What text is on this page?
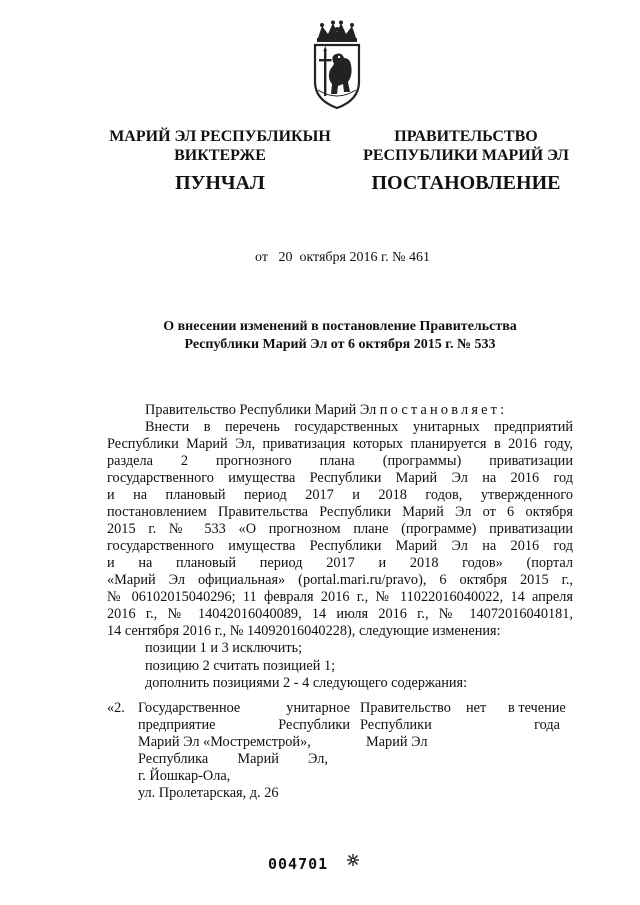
МАРИЙ ЭЛ РЕСПУБЛИКЫН
ВИКТЕРЖЕ
ПРАВИТЕЛЬСТВО
РЕСПУБЛИКИ МАРИЙ ЭЛ
ПУНЧАЛ	ПОСТАНОВЛЕНИЕ
от 20 октября 2016 г. № 461
О внесении изменений в постановление Правительства
Республики Марий Эл от 6 октября 2015 г. № 533
Правительство Республики Марий Эл постановляет:
Внести в перечень государственных унитарных предприятий
Республики Марий Эл, приватизация которых планируется в 2016 году,
раздела 2 прогнозного плана (программы) приватизации
государственного имущества Республики Марий Эл на 2016 год
и на плановый период 2017 и 2018 годов, утвержденного
постановлением Правительства Республики Марий Эл от 6 октября
2015 г. № 533 «О прогнозном плане (программе) приватизации
государственного имущества Республики Марий Эл на 2016 год
и на плановый период 2017 и 2018 годов» (портал
«Марий Эл официальная» (portal.mari.ru/pravo), 6 октября 2015 г.,
№ 06102015040296; 11 февраля 2016 г., № 11022016040022, 14 апреля
2016 г., № 14042016040089, 14 июля 2016 г., № 14072016040181,
14 сентября 2016 г., № 14092016040228), следующие изменения:
позиции 1 и 3 исключить;
позицию 2 считать позицией 1;
дополнить позициями 2 - 4 следующего содержания:
«2. Государственное унитарное
предприятие Республики
Марий Эл «Мостремстрой»,
Республика Марий Эл,
г. Йошкар-Ола,
ул. Пролетарская, д. 26
Правительство
Республики
Марий Эл
нет в течение
года
004701
